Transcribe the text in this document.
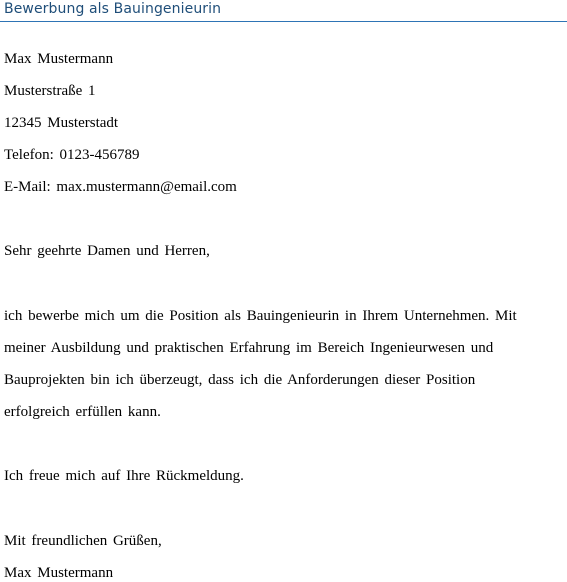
Bewerbung als Bauingenieurin
Max Mustermann
Musterstraße 1
12345 Musterstadt
Telefon: 0123-456789
E-Mail: max.mustermann@email.com
Sehr geehrte Damen und Herren,
ich bewerbe mich um die Position als Bauingenieurin in Ihrem Unternehmen. Mit
meiner Ausbildung und praktischen Erfahrung im Bereich Ingenieurwesen und
Bauprojekten bin ich überzeugt, dass ich die Anforderungen dieser Position
erfolgreich erfüllen kann.
Ich freue mich auf Ihre Rückmeldung.
Mit freundlichen Grüßen,
Max Mustermann
